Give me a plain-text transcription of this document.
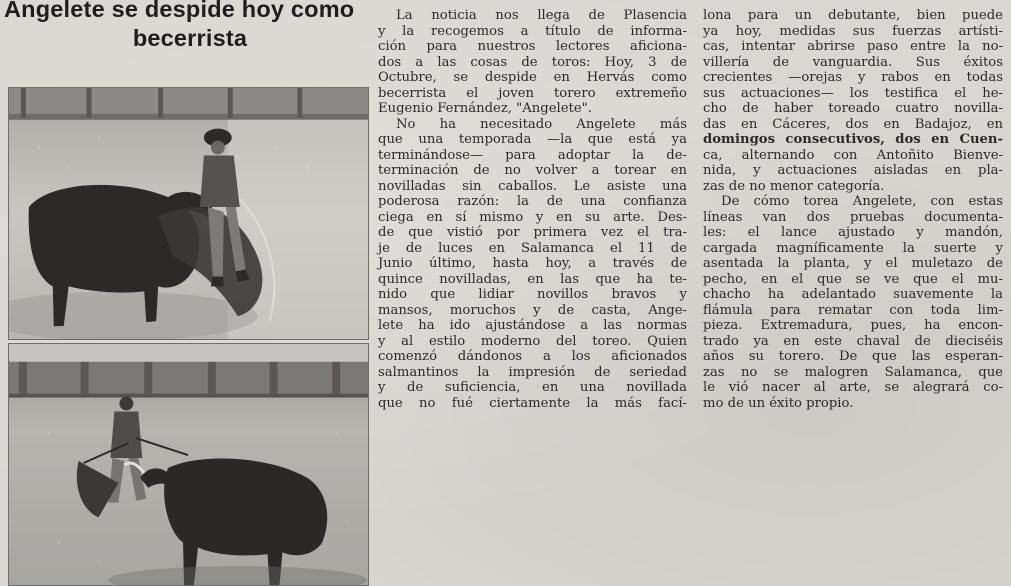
Angelete se despide hoy como
becerrista
La noticia nos llega de Plasencia
y la recogemos a título de informa-
ción para nuestros lectores aficiona-
dos a las cosas de toros: Hoy, 3 de
Octubre, se despide en Hervás como
becerrista el joven torero extremeño
Eugenio Fernández, "Angelete".
No ha necesitado Angelete más
que una temporada —la que está ya
terminándose— para adoptar la de-
terminación de no volver a torear en
novilladas sin caballos. Le asiste una
poderosa razón: la de una confianza
ciega en sí mismo y en su arte. Des-
de que vistió por primera vez el tra-
je de luces en Salamanca el 11 de
Junio último, hasta hoy, a través de
quince novilladas, en las que ha te-
nido que lidiar novillos bravos y
mansos, moruchos y de casta, Ange-
lete ha ido ajustándose a las normas
y al estilo moderno del toreo. Quien
comenzó dándonos a los aficionados
salmantinos la impresión de seriedad
y de suficiencia, en una novillada
que no fué ciertamente la más fací-
lona para un debutante, bien puede
ya hoy, medidas sus fuerzas artísti-
cas, intentar abrirse paso entre la no-
villería de vanguardia. Sus éxitos
crecientes —orejas y rabos en todas
sus actuaciones— los testifica el he-
cho de haber toreado cuatro novilla-
das en Cáceres, dos en Badajoz, en
domingos consecutivos, dos en Cuen-
ca, alternando con Antoñito Bienve-
nida, y actuaciones aisladas en pla-
zas de no menor categoría.
De cómo torea Angelete, con estas
líneas van dos pruebas documenta-
les: el lance ajustado y mandón,
cargada magníficamente la suerte y
asentada la planta, y el muletazo de
pecho, en el que se ve que el mu-
chacho ha adelantado suavemente la
flámula para rematar con toda lim-
pieza. Extremadura, pues, ha encon-
trado ya en este chaval de dieciséis
años su torero. De que las esperan-
zas no se malogren Salamanca, que
le vió nacer al arte, se alegrará co-
mo de un éxito propio.
